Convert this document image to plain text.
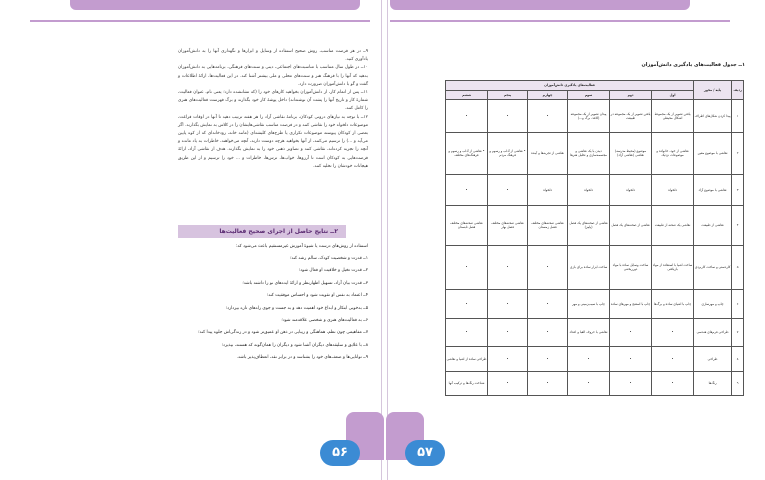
۹ــ در هر فرصت مناسب، روش صحیح استفاده از وسایل و ابزارها و نگهداری آنها را به دانش‌آموزان یادآوری کنید.

۱۰ــ در طول سال متناسب با مناسبت‌های اجتماعی، دینی و سنت‌های فرهنگی، برنامه‌هایی به دانش‌آموزان بدهید که آنها را با فرهنگ هنر و سنت‌های محلی و ملی بیشتر آشنا کند. در این فعالیت‌ها، ارائهٔ اطلاعات و گفت و گو با دانش‌آموزان ضرورت دارد.

۱۱ــ پس از اتمام کار، از دانش‌آموزان بخواهید کارهای خود را (که تشانشده دارد؛ یعنی نام، عنوان فعالیت، شمارهٔ کار و تاریخ آنها را پشت آن نوشته‌اند) داخل پوشهٔ کار خود بگذارند و برگ فهرست فعالیت‌های هنری را کامل کنند.

۱۲ــ با توجه به نیازهای درونی کودکان، برنامهٔ نقاشی آزاد را هر هفته ترتیب دهید تا آنها در اوقات فراغت، موضوعات دلخواه خود را نقاشی کنند و در فرصت مناسب نقاشی‌هایشان را در کلاس به نمایش بگذارند. اگر بعضی از کودکان پیوسته موضوعات تکراری یا طرح‌های کلیشه‌ای (مانند خانه، رودخانه‌ای که از کوه پایین می‌آید و ...) را ترسیم می‌کنند، از آنها بخواهید هرچه دوست دارند، آنچه می‌خواهند، خاطرات به یاد مانده و آنچه را تجربه کرده‌اند، نقاشی کنند و تصاویر ذهنی خود را به نمایش بگذارند. هدف از نقاشی آزاد، ارائهٔ فرصت‌هایی به کودکان است تا آرزوها، خواب‌ها، ترس‌ها، خاطرات و ... خود را ترسیم و از این طریق هیجانات خودشان را تخلیه کنند.

۲ــ نتایج حاصل از اجرای صحیح فعالیت‌ها
استفاده از روش‌های درست یا شیوهٔ آموزش غیرمستقیم باعث می‌شود که:
۱ــ قدرت و شخصیت کودک، سالم رشد کند؛
۲ــ قدرت تخیل و خلاقیت او فعال شود؛
۳ــ قدرت بیان آزاد، تسهیل اظهارنظر و ارائهٔ ایده‌های نو را داشته باشد؛
۴ــ اعتماد به نفس او تقویت شود و احساس موفقیت کند؛
۵ــ به‌خوبی ابتکار و ابداع خود اهمیت دهد و به جست و جوی راه‌های تازه بپردازد؛
۶ــ به فعالیت‌های هنری و شخصی علاقه‌مند شود؛
۷ــ مفاهیمی چون نظم، هماهنگی و زیبایی در ذهن او عمیق‌تر شود و در زندگی‌اش جلوه پیدا کند؛
۸ــ با علایق و سلیقه‌های دیگران آشنا شود و دیگران را همان‌گونه که هستند، بپذیرد؛
۹ــ توانایی‌ها و ضعف‌های خود را بشناسد و در برابر نقد، انعطاف‌پذیر باشد.
۱ــ جدول فعالیت‌های یادگیری دانش‌آموزان
ردیف	پایه / محور	فعالیت‌های یادگیری دانش‌آموزان					
		اول	دوم	سوم	چهارم	پنجم	ششم
۱	پیدا کردن شکل‌های اطراف	یافتن تصویر از یک مجموعهٔ اشکال محیطی	یافتن تصویر از یک مجموعه در طبیعت	پیدا‌ن تصویر از یک مجموعه (کاغذ، برگ و…)	•	•	•
۲	نقاشی با موضوع معین	نقاشی از خود، خانواده و موضوعات نزدیک	موضوع (محیط مدرسه) نقاشی (نقاشی آزاد)	دیدن با یک نقاشی و مجسمه‌سازی و تحلیل هنرها	نقاشی از تجربه‌ها و آینده	• نقاشی از آداب و رسوم و فرهنگ مردم	• نقاشی از آداب و رسوم و فرهنگ‌های مختلف
۳	نقاشی با موضوع آزاد	دلخواه	دلخواه	دلخواه	دلخواه	•	•
۴	نقاشی از طبیعت	نقاشی یک صحنه از طبیعت	نقاشی از صحنه‌های یک فصل	نقاشی از صحنه‌های یک فصل (پاییز)	نقاشی صحنه‌های مختلف فصل زمستان	نقاشی صحنه‌های مختلف فصل بهار	نقاشی صحنه‌های مختلف فصل تابستان
۵	کاردستی و ساخت کاربردی	ساخت اشیا با استفاده از مواد بازیافتی	ساخت وسایل ساده با مواد دورریختنی	ساخت ابزار ساده برای بازی	•	•	•
۶	چاپ و مهرسازی	چاپ با اشیای ساده و برگ‌ها	چاپ با اسفنج و مهرهای ساده	چاپ با سیب‌زمینی و مهر	•	•	•
۷	طراحی فرم‌های هندسی	•	•	نقاشی با حروف الفبا و اعداد	•	•	•
۸	طراحی	•	•	•	•	•	طراحی ساده از اشیا و نقاشی
۹	رنگ‌ها	•	•	•	•	•	شناخت رنگ‌ها و ترکیب آنها
۵۶	۵۷
